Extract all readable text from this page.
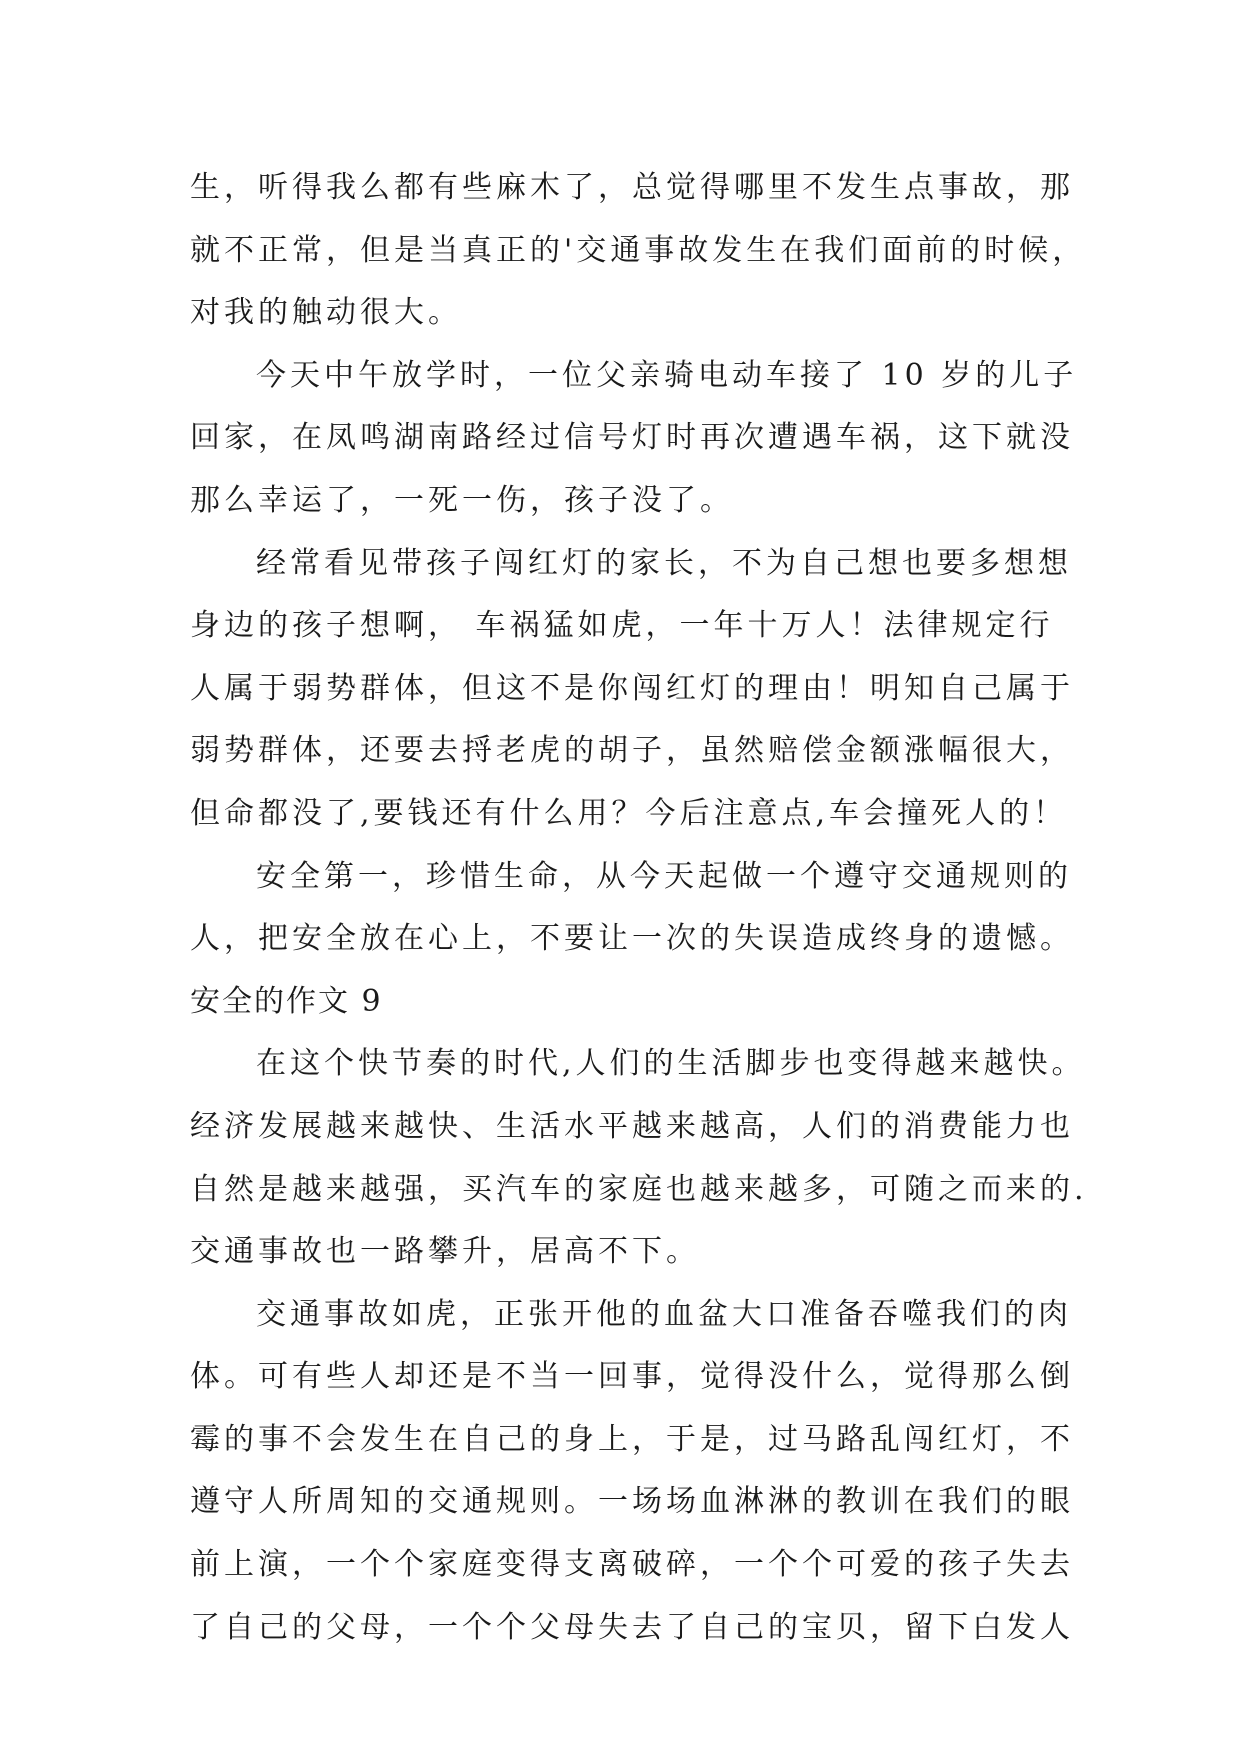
生，听得我么都有些麻木了，总觉得哪里不发生点事故，那
就不正常，但是当真正的'交通事故发生在我们面前的时候，
对我的触动很大。
今天中午放学时，一位父亲骑电动车接了 10 岁的儿子
回家，在凤鸣湖南路经过信号灯时再次遭遇车祸，这下就没
那么幸运了，一死一伤，孩子没了。
经常看见带孩子闯红灯的家长，不为自己想也要多想想
身边的孩子想啊， 车祸猛如虎，一年十万人！法律规定行
人属于弱势群体，但这不是你闯红灯的理由！明知自己属于
弱势群体，还要去捋老虎的胡子，虽然赔偿金额涨幅很大，
但命都没了,要钱还有什么用？今后注意点,车会撞死人的！
安全第一，珍惜生命，从今天起做一个遵守交通规则的
人，把安全放在心上，不要让一次的失误造成终身的遗憾。
安全的作文 9
在这个快节奏的时代,人们的生活脚步也变得越来越快。
经济发展越来越快、生活水平越来越高，人们的消费能力也
自然是越来越强，买汽车的家庭也越来越多，可随之而来的.
交通事故也一路攀升，居高不下。
交通事故如虎，正张开他的血盆大口准备吞噬我们的肉
体。可有些人却还是不当一回事，觉得没什么，觉得那么倒
霉的事不会发生在自己的身上，于是，过马路乱闯红灯，不
遵守人所周知的交通规则。一场场血淋淋的教训在我们的眼
前上演，一个个家庭变得支离破碎，一个个可爱的孩子失去
了自己的父母，一个个父母失去了自己的宝贝，留下白发人
